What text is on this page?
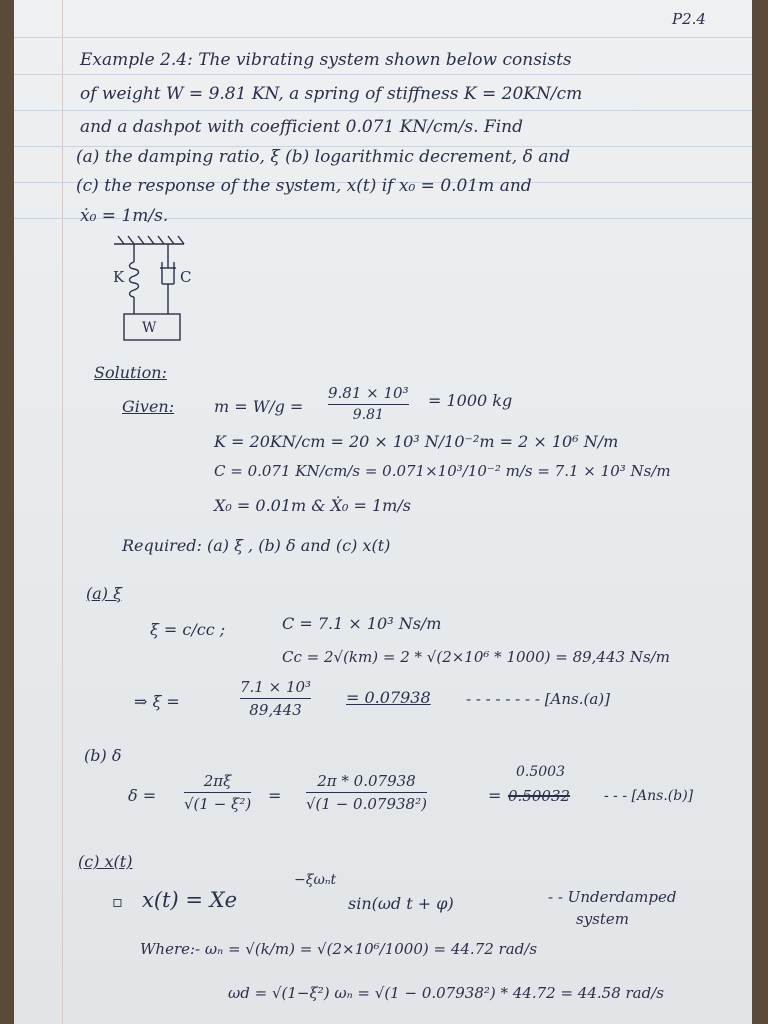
P2.4
Example 2.4: The vibrating system shown below consists
of weight W = 9.81 KN, a spring of stiffness K = 20KN/cm
and a dashpot with coefficient 0.071 KN/cm/s. Find
(a) the damping ratio, ξ (b) logarithmic decrement, δ and
(c) the response of the system, x(t) if x₀ = 0.01m and
ẋ₀ = 1m/s.
K	C
W
Solution:
Given: m = W/g =
9.81 × 10³
9.81
= 1000 kg
K = 20KN/cm = 20 × 10³ N/10⁻²m = 2 × 10⁶ N/m
C = 0.071 KN/cm/s = 0.071×10³/10⁻² m/s = 7.1 × 10³ Ns/m
X₀ = 0.01m & Ẋ₀ = 1m/s
Required: (a) ξ , (b) δ and (c) x(t)
(a) ξ
ξ = c/cc ;	C = 7.1 × 10³ Ns/m
Cc = 2√(km) = 2 * √(2×10⁶ * 1000) = 89,443 Ns/m
⇒ ξ =
7.1 × 10³
89,443
= 0.07938 - - - - - - - - [Ans.(a)]
(b) δ
δ =
2πξ
√(1 − ξ²) =
2π * 0.07938
√(1 − 0.07938²)	=
0.5003
0.50032 - - - [Ans.(b)]
(c) x(t)
▫ x(t) = Xe
−ξωₙt
sin(ωd t + φ)	- - Underdamped
system
Where:- ωₙ = √(k/m) = √(2×10⁶/1000) = 44.72 rad/s
ωd = √(1−ξ²) ωₙ = √(1 − 0.07938²) * 44.72 = 44.58 rad/s
